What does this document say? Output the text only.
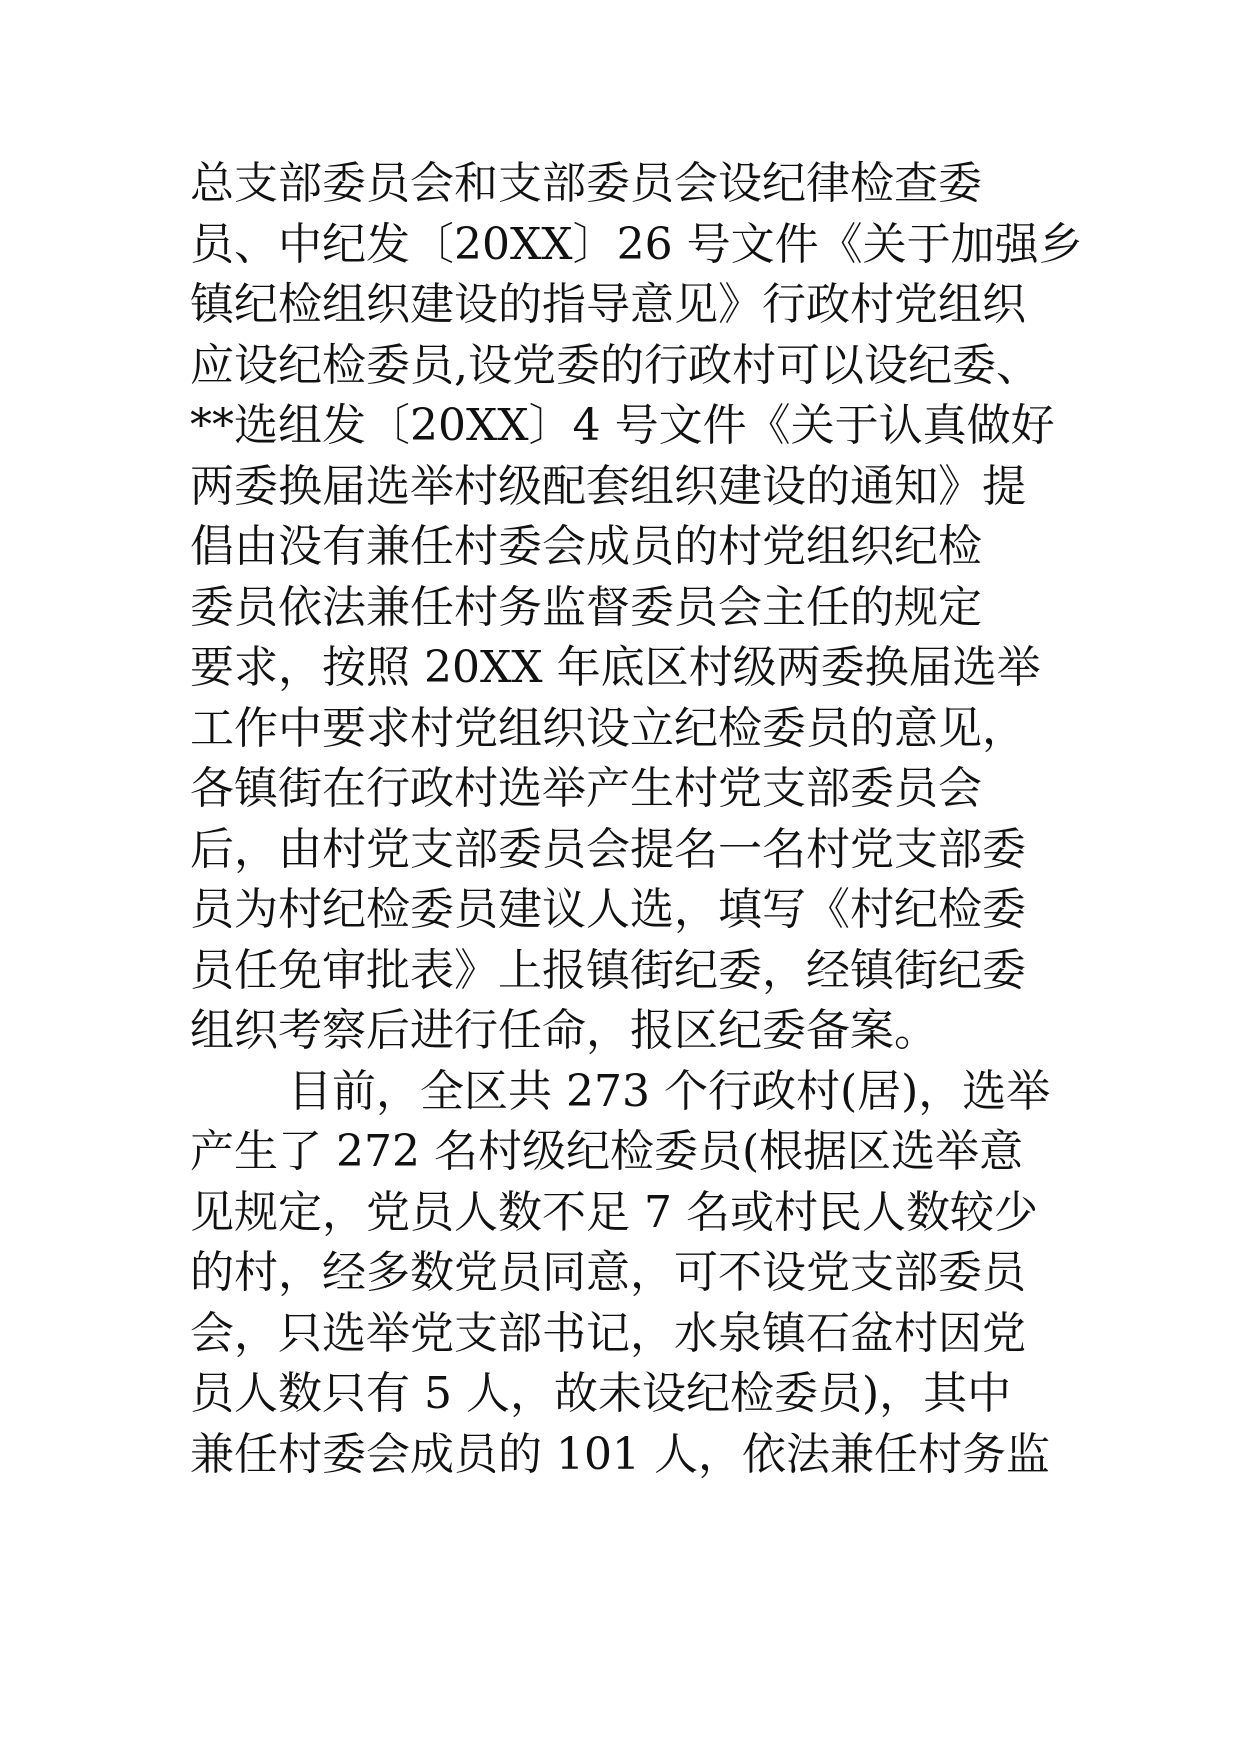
总支部委员会和支部委员会设纪律检查委
员、中纪发〔20XX〕26 号文件《关于加强乡
镇纪检组织建设的指导意见》行政村党组织
应设纪检委员,设党委的行政村可以设纪委、
**选组发〔20XX〕4 号文件《关于认真做好
两委换届选举村级配套组织建设的通知》提
倡由没有兼任村委会成员的村党组织纪检
委员依法兼任村务监督委员会主任的规定
要求，按照 20XX 年底区村级两委换届选举
工作中要求村党组织设立纪检委员的意见，
各镇街在行政村选举产生村党支部委员会
后，由村党支部委员会提名一名村党支部委
员为村纪检委员建议人选，填写《村纪检委
员任免审批表》上报镇街纪委，经镇街纪委
组织考察后进行任命，报区纪委备案。
目前，全区共 273 个行政村(居)，选举
产生了 272 名村级纪检委员(根据区选举意
见规定，党员人数不足 7 名或村民人数较少
的村，经多数党员同意，可不设党支部委员
会，只选举党支部书记，水泉镇石盆村因党
员人数只有 5 人，故未设纪检委员)，其中
兼任村委会成员的 101 人，依法兼任村务监
